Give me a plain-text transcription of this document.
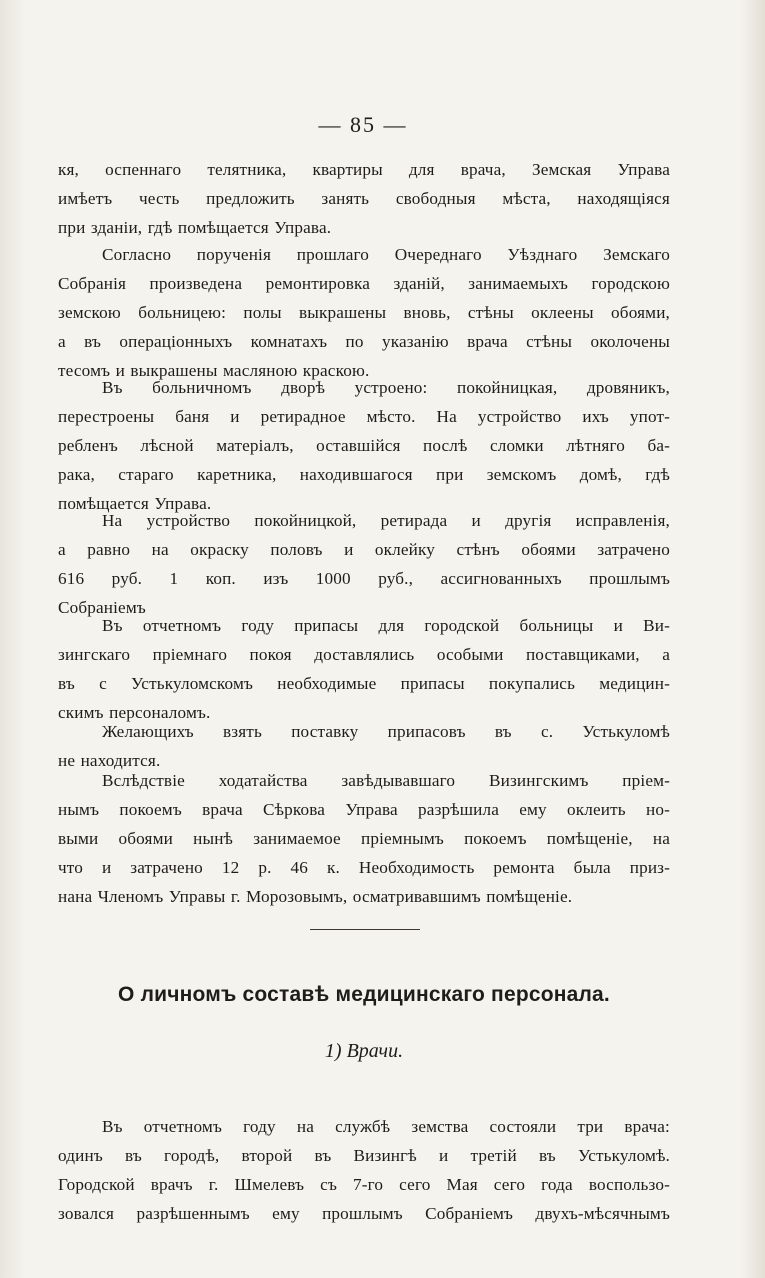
— 85 —
кя, оспеннаго телятника, квартиры для врача, Земская Управа
имѣетъ честь предложить занять свободныя мѣста, находящiяся
при зданiи, гдѣ помѣщается Управа.
Согласно порученiя прошлаго Очереднаго Уѣзднаго Земскаго
Собранiя произведена ремонтировка зданiй, занимаемыхъ городскою
земскою больницею: полы выкрашены вновь, стѣны оклеены обоями,
а въ операцiонныхъ комнатахъ по указанiю врача стѣны околочены
тесомъ и выкрашены масляною краскою.
Въ больничномъ дворѣ устроено: покойницкая, дровяникъ,
перестроены баня и ретирадное мѣсто. На устройство ихъ упот-
ребленъ лѣсной матерiалъ, оставшiйся послѣ сломки лѣтняго ба-
рака, стараго каретника, находившагося при земскомъ домѣ, гдѣ
помѣщается Управа.
На устройство покойницкой, ретирада и другiя исправленiя,
а равно на окраску половъ и оклейку стѣнъ обоями затрачено
616 руб. 1 коп. изъ 1000 руб., ассигнованныхъ прошлымъ
Собранiемъ
Въ отчетномъ году припасы для городской больницы и Ви-
зингскаго прiемнаго покоя доставлялись особыми поставщиками, а
въ с Устькуломскомъ необходимые припасы покупались медицин-
скимъ персоналомъ.
Желающихъ взять поставку припасовъ въ с. Устькуломѣ
не находится.
Вслѣдствiе ходатайства завѣдывавшаго Визингскимъ прiем-
нымъ покоемъ врача Сѣркова Управа разрѣшила ему оклеить но-
выми обоями нынѣ занимаемое прiемнымъ покоемъ помѣщенiе, на
что и затрачено 12 р. 46 к. Необходимость ремонта была приз-
нана Членомъ Управы г. Морозовымъ, осматривавшимъ помѣщенiе.
О личномъ составѣ медицинскаго персонала.
1) Врачи.
Въ отчетномъ году на службѣ земства состояли три врача:
одинъ въ городѣ, второй въ Визингѣ и третiй въ Устькуломѣ.
Городской врачъ г. Шмелевъ съ 7-го сего Мая сего года воспользо-
зовался разрѣшеннымъ ему прошлымъ Собранiемъ двухъ-мѣсячнымъ
